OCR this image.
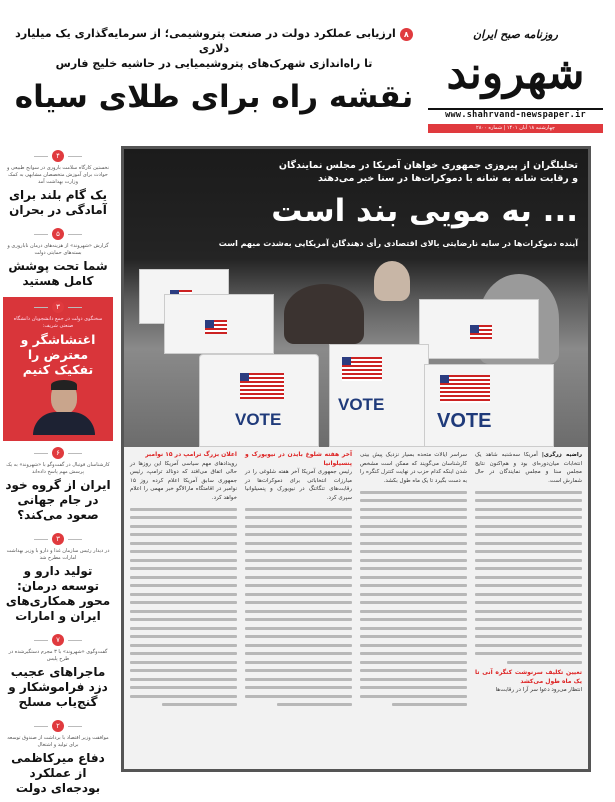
روزنامه صبح ایران
شهروند
www.shahrvand-newspaper.ir
چهارشنبه ۱۸ آبان ۱۴۰۱ | شماره ۲۸۰۰
۸ارزیابی عملکرد دولت در صنعت پتروشیمی؛ از سرمایه‌گذاری یک میلیارد دلاری
تا راه‌اندازی شهرک‌های پتروشیمیایی در حاشیه خلیج فارس
نقشه راه برای طلای سیاه
۴
نخستین کارگاه سلامت باروری در سوانح طبیعی و حوادث برای آموزش متخصصان مشابهی به کمک وزارت بهداشت آمد
یک گام بلند برای آمادگی در بحران
۵
گزارش «شهروند» از هزینه‌های درمان ناباروری و بسته‌های حمایتی دولت
شما تحت پوشش کامل هستید
۳
سخنگوی دولت در جمع دانشجویان دانشگاه صنعتی شریف:
اغتشاشگر و معترض را تفکیک کنیم
۶
کارشناسان فوتبال در گفت‌وگو با «شهروند» به یک پرسش مهم پاسخ داده‌اند
ایران از گروه خود در جام جهانی صعود می‌کند؟
۳
در دیدار رئیس سازمان غذا و دارو با وزیر بهداشت امارات مطرح شد
تولید دارو و توسعه درمان: محور همکاری‌های ایران و امارات
۷
گفت‌وگوی «شهروند» با ۳ مجرم دستگیرشده در طرح پلیس
ماجراهای عجیب دزد فراموشکار و گنج‌یاب مسلح
۲
موافقت وزیر اقتصاد با برداشت از صندوق توسعه برای تولید و اشتغال
دفاع میرکاظمی از عملکرد بودجه‌ای دولت
VOTE
VOTE
VOTE
تحلیلگران از پیروزی جمهوری خواهان آمریکا در مجلس نمایندگان
و رقابت شانه به شانه با دموکرات‌ها در سنا خبر می‌دهند
... به مویی بند است
آینده دموکرات‌ها در سایه نارضایتی بالای اقتصادی رأی دهندگان آمریکایی به‌شدت مبهم است
راضیه زرگری| آمریکا سه‌شنبه شاهد یک انتخابات میان‌دوره‌ای بود و هم‌اکنون نتایج مجلس سنا و مجلس نمایندگان در حال شمارش است.
تعیین تکلیف سرنوشت کنگره آنی تا یک ماه طول می‌کشد
انتظار می‌رود دعوا سر آرا در رقابت‌ها
سراسر ایالات متحده بسیار نزدیک پیش بینی کارشناسان می‌گویند که ممکن است مشخص شدن اینکه کدام حزب در نهایت کنترل کنگره را به دست بگیرد تا یک ماه طول بکشد.
آخر هفته شلوغ بایدن در نیویورک و پنسیلوانیا
رئیس جمهوری آمریکا آخر هفته شلوغی را در مبارزات انتخاباتی برای دموکرات‌ها در رقابت‌های تنگاتنگ در نیویورک و پنسیلوانیا سپری کرد.
اعلان بزرگ ترامپ در ۱۵ نوامبر
رویدادهای مهم سیاسی آمریکا این روزها در حالی اتفاق می‌افتد که دونالد ترامپ، رئیس جمهوری سابق آمریکا اعلام کرده روز ۱۵ نوامبر در اقامتگاه مارالاگو خبر مهمی را اعلام خواهد کرد.
